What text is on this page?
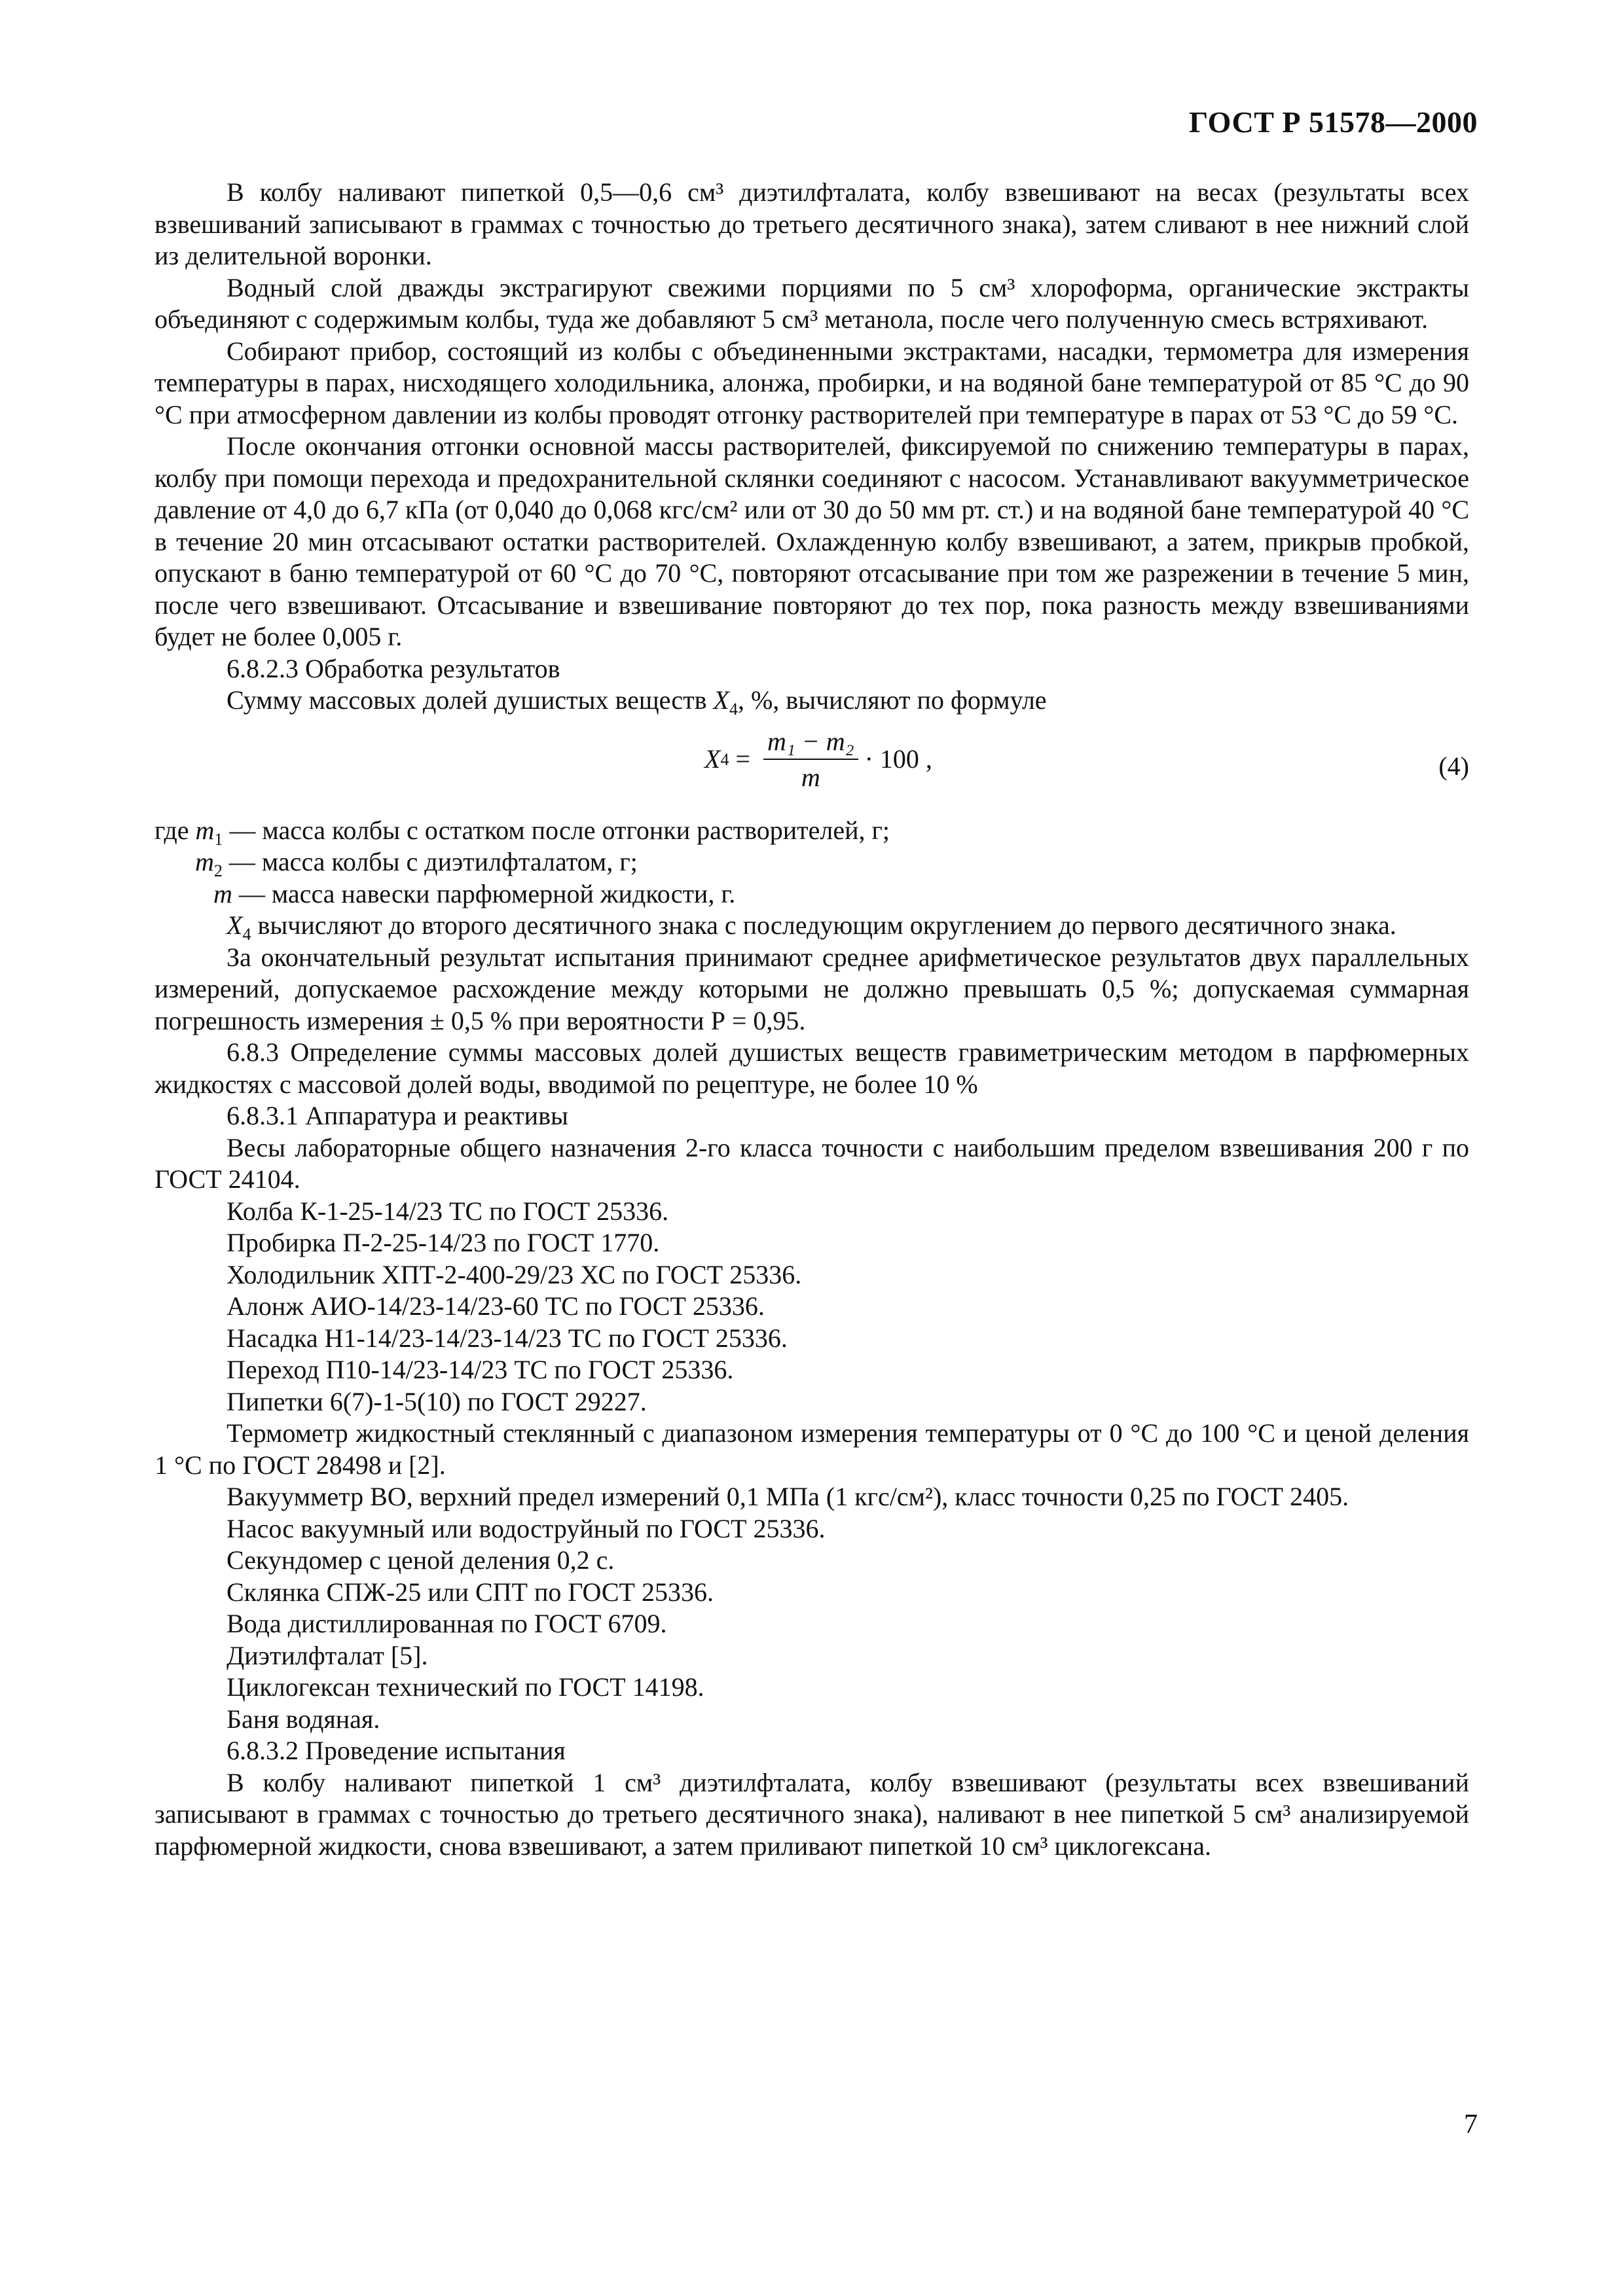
ГОСТ Р 51578—2000

В колбу наливают пипеткой 0,5—0,6 см³ диэтилфталата, колбу взвешивают на весах (результаты всех взвешиваний записывают в граммах с точностью до третьего десятичного знака), затем сливают в нее нижний слой из делительной воронки.

Водный слой дважды экстрагируют свежими порциями по 5 см³ хлороформа, органические экстракты объединяют с содержимым колбы, туда же добавляют 5 см³ метанола, после чего полученную смесь встряхивают.

Собирают прибор, состоящий из колбы с объединенными экстрактами, насадки, термометра для измерения температуры в парах, нисходящего холодильника, алонжа, пробирки, и на водяной бане температурой от 85 °С до 90 °С при атмосферном давлении из колбы проводят отгонку растворителей при температуре в парах от 53 °С до 59 °С.

После окончания отгонки основной массы растворителей, фиксируемой по снижению температуры в парах, колбу при помощи перехода и предохранительной склянки соединяют с насосом. Устанавливают вакуумметрическое давление от 4,0 до 6,7 кПа (от 0,040 до 0,068 кгс/см² или от 30 до 50 мм рт. ст.) и на водяной бане температурой 40 °С в течение 20 мин отсасывают остатки растворителей. Охлажденную колбу взвешивают, а затем, прикрыв пробкой, опускают в баню температурой от 60 °С до 70 °С, повторяют отсасывание при том же разрежении в течение 5 мин, после чего взвешивают. Отсасывание и взвешивание повторяют до тех пор, пока разность между взвешиваниями будет не более 0,005 г.

6.8.2.3 Обработка результатов

Сумму массовых долей душистых веществ $X_4$, %, вычисляют по формуле

X $4 = \frac{\text{m₁ − m₂}}{m} \cdot 100$ ,	(4)
где $m_1$ — масса колбы с остатком после отгонки растворителей, г;
$m_2$ — масса колбы с диэтилфталатом, г;
m — масса навески парфюмерной жидкости, г.

$X_4$ вычисляют до второго десятичного знака с последующим округлением до первого десятичного знака.

За окончательный результат испытания принимают среднее арифметическое результатов двух параллельных измерений, допускаемое расхождение между которыми не должно превышать 0,5 %; допускаемая суммарная погрешность измерения ± 0,5 % при вероятности Р = 0,95.

6.8.3 Определение суммы массовых долей душистых веществ гравиметрическим методом в парфюмерных жидкостях с массовой долей воды, вводимой по рецептуре, не более 10 %

6.8.3.1 Аппаратура и реактивы

Весы лабораторные общего назначения 2-го класса точности с наибольшим пределом взвешивания 200 г по ГОСТ 24104.

Колба К-1-25-14/23 ТС по ГОСТ 25336.

Пробирка П-2-25-14/23 по ГОСТ 1770.

Холодильник ХПТ-2-400-29/23 ХС по ГОСТ 25336.

Алонж АИО-14/23-14/23-60 ТС по ГОСТ 25336.

Насадка Н1-14/23-14/23-14/23 ТС по ГОСТ 25336.

Переход П10-14/23-14/23 ТС по ГОСТ 25336.

Пипетки 6(7)-1-5(10) по ГОСТ 29227.

Термометр жидкостный стеклянный с диапазоном измерения температуры от 0 °С до 100 °С и ценой деления 1 °С по ГОСТ 28498 и [2].

Вакуумметр ВО, верхний предел измерений 0,1 МПа (1 кгс/см²), класс точности 0,25 по ГОСТ 2405.

Насос вакуумный или водоструйный по ГОСТ 25336.

Секундомер с ценой деления 0,2 с.

Склянка СПЖ-25 или СПТ по ГОСТ 25336.

Вода дистиллированная по ГОСТ 6709.

Диэтилфталат [5].

Циклогексан технический по ГОСТ 14198.

Баня водяная.

6.8.3.2 Проведение испытания

В колбу наливают пипеткой 1 см³ диэтилфталата, колбу взвешивают (результаты всех взвешиваний записывают в граммах с точностью до третьего десятичного знака), наливают в нее пипеткой 5 см³ анализируемой парфюмерной жидкости, снова взвешивают, а затем приливают пипеткой 10 см³ циклогексана.

7
